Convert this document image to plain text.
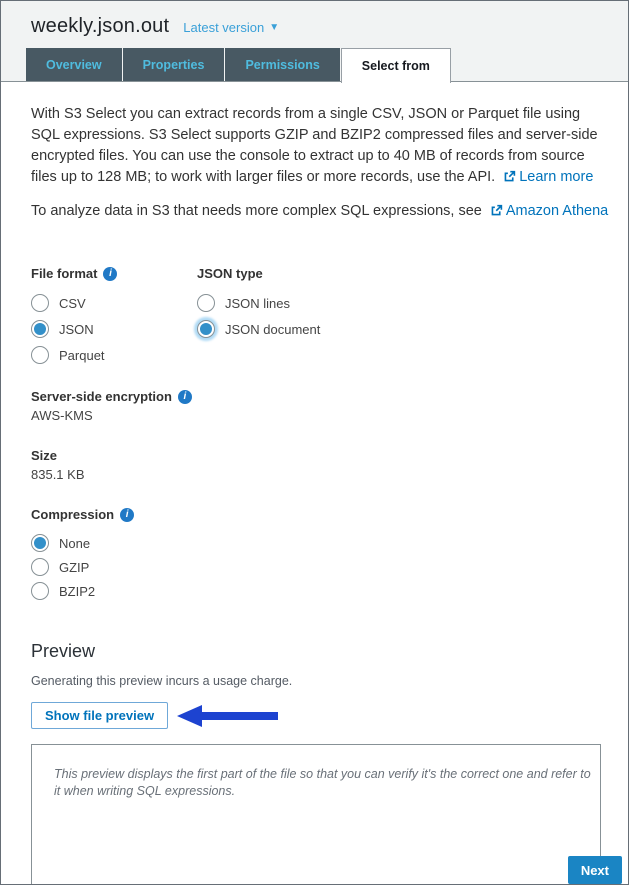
weekly.json.out Latest version ▼
Overview	Properties	Permissions	Select from

With S3 Select you can extract records from a single CSV, JSON or Parquet file using SQL expressions. S3 Select supports GZIP and BZIP2 compressed files and server-side encrypted files. You can use the console to extract up to 40 MB of records from source files up to 128 MB; to work with larger files or more records, use the API. Learn more

To analyze data in S3 that needs more complex SQL expressions, see Amazon Athena

File format	i
CSV
JSON
Parquet
JSON type
JSON lines
JSON document
Server-side encryption	i
AWS-KMS
Size
835.1 KB
Compression	i
None
GZIP
BZIP2
Preview
Generating this preview incurs a usage charge.
Show file preview
This preview displays the first part of the file so that you can verify it's the correct one and refer to it when writing SQL expressions.
Next
